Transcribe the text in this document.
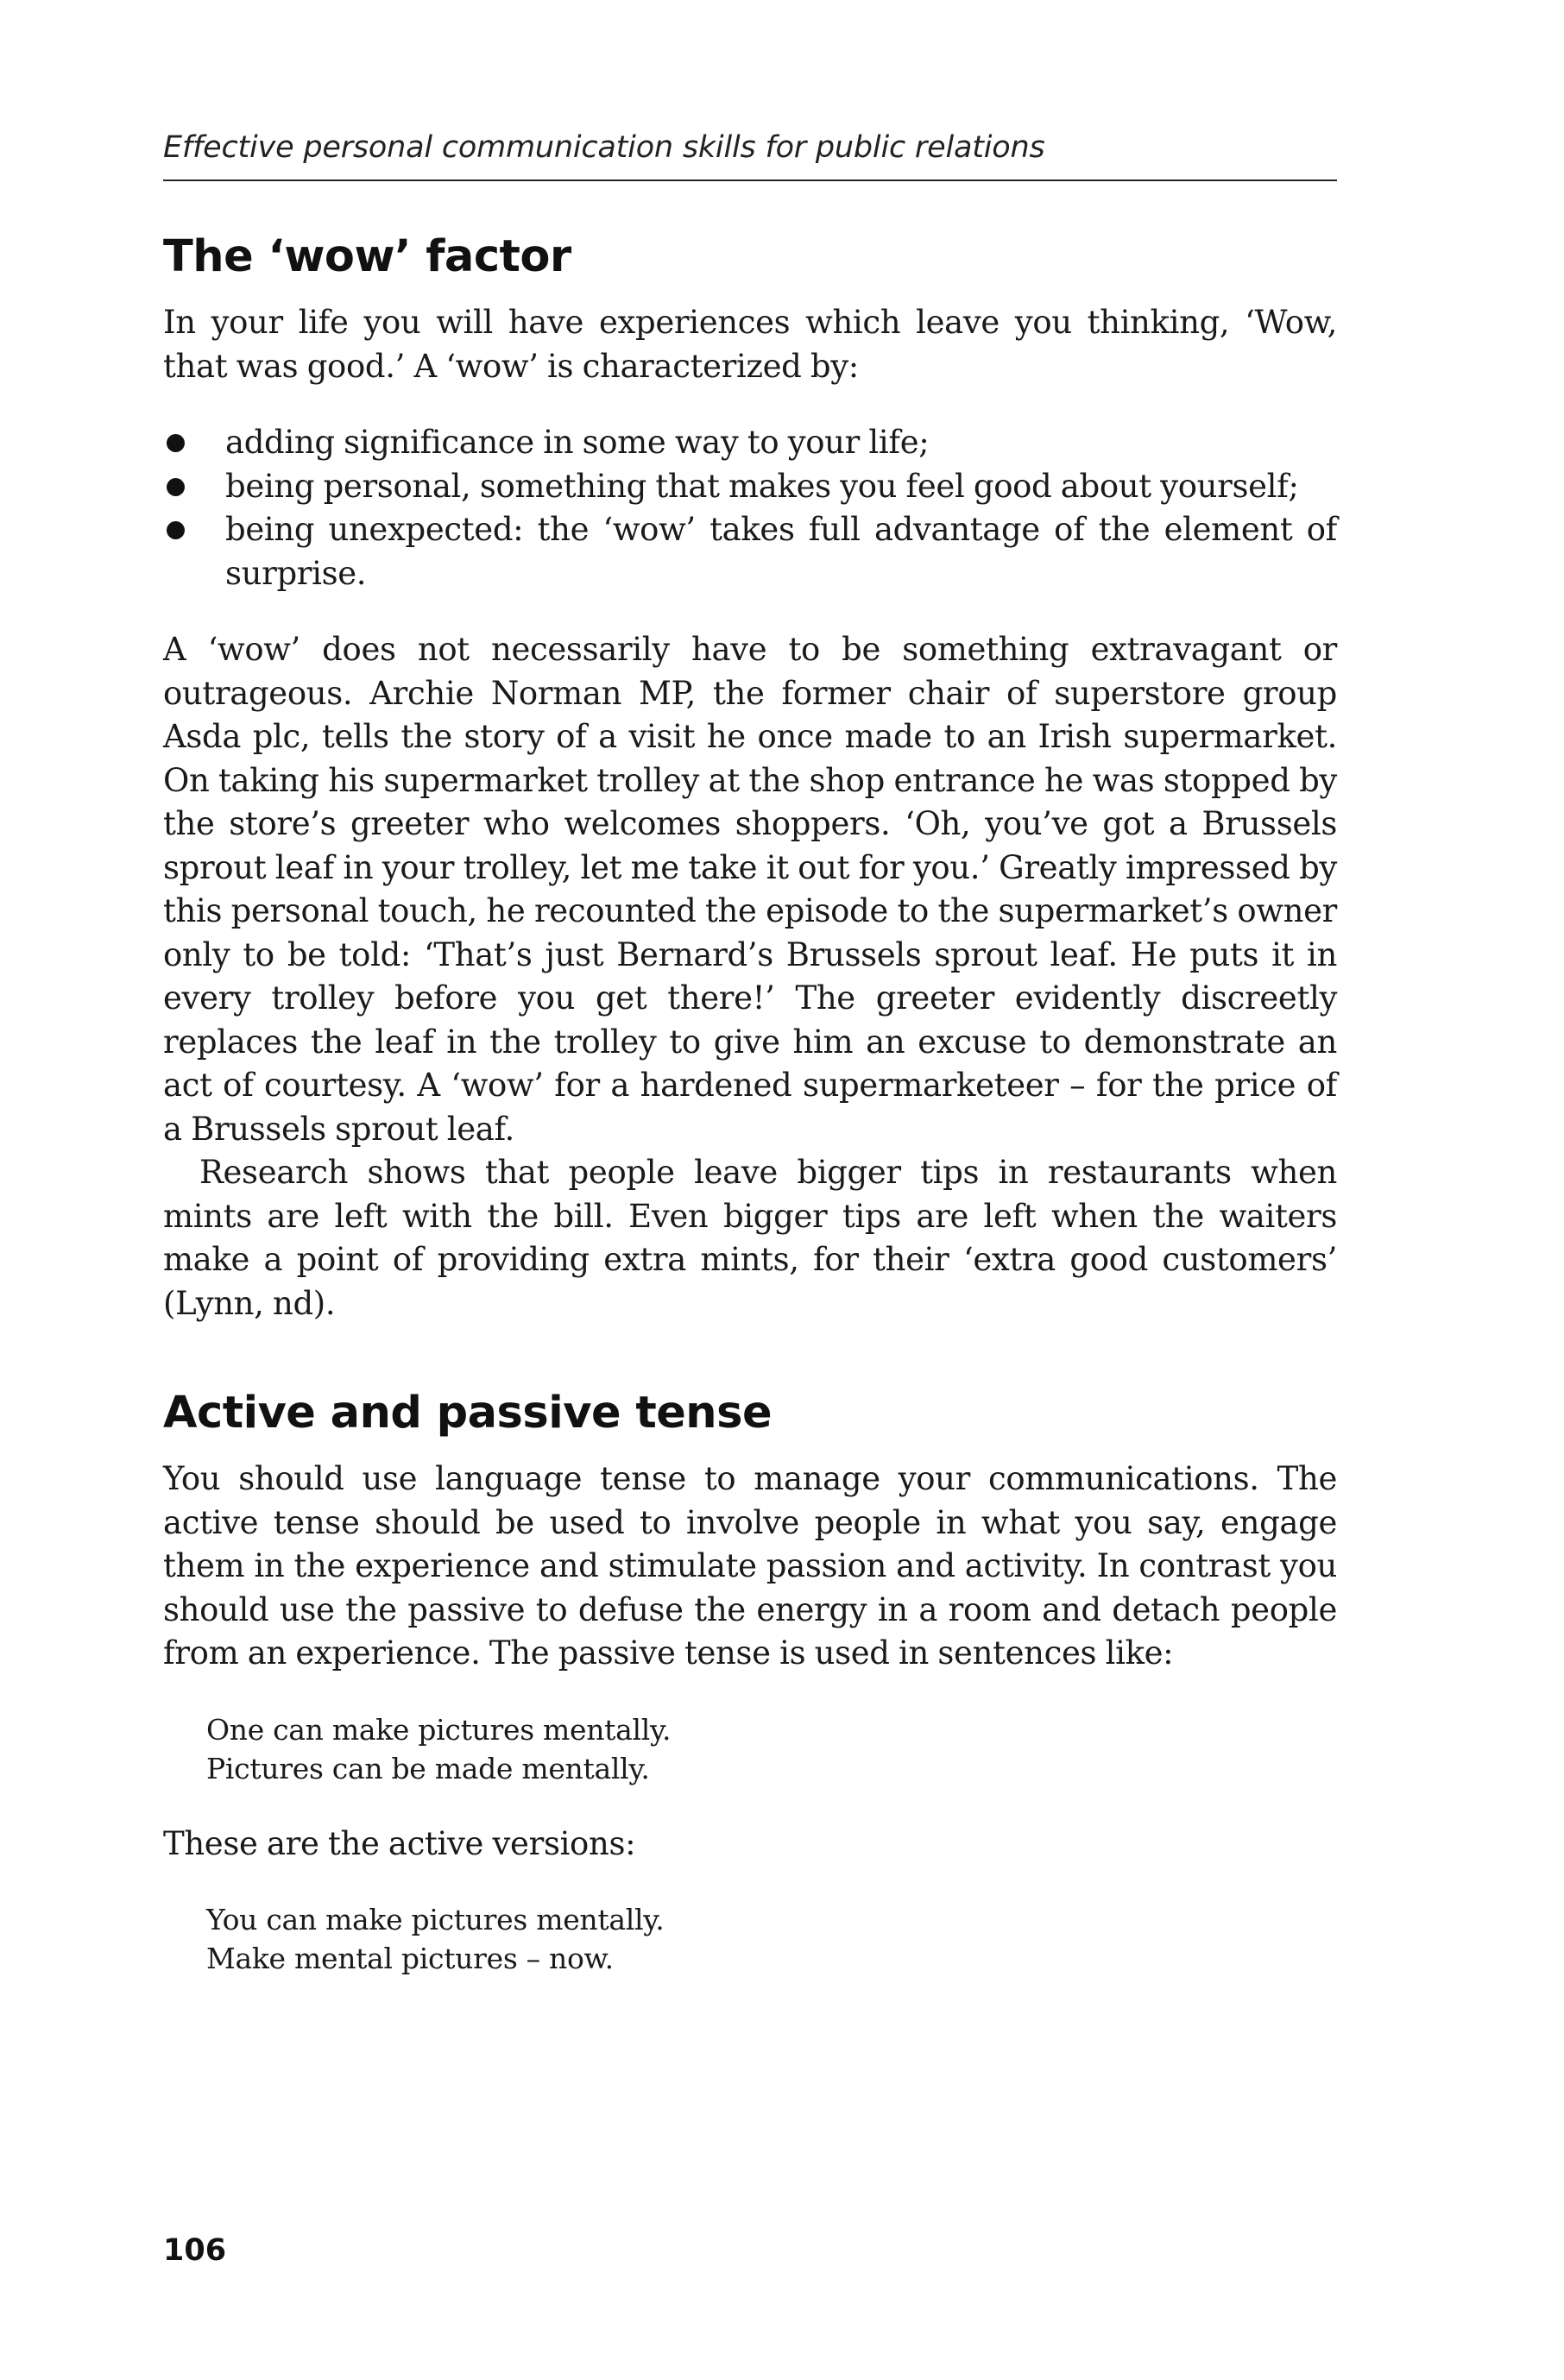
Effective personal communication skills for public relations
The ‘wow’ factor

In your life you will have experiences which leave you thinking, ‘Wow, that was good.’ A ‘wow’ is characterized by:

adding significance in some way to your life;
being personal, something that makes you feel good about yourself;
being unexpected: the ‘wow’ takes full advantage of the element of surprise.

A ‘wow’ does not necessarily have to be something extravagant or outrageous. Archie Norman MP, the former chair of superstore group Asda plc, tells the story of a visit he once made to an Irish supermarket. On taking his supermarket trolley at the shop entrance he was stopped by the store’s greeter who welcomes shoppers. ‘Oh, you’ve got a Brussels sprout leaf in your trolley, let me take it out for you.’ Greatly impressed by this personal touch, he recounted the episode to the supermarket’s owner only to be told: ‘That’s just Bernard’s Brussels sprout leaf. He puts it in every trolley before you get there!’ The greeter evidently discreetly replaces the leaf in the trolley to give him an excuse to demonstrate an act of courtesy. A ‘wow’ for a hardened supermarketeer – for the price of a Brussels sprout leaf.

Research shows that people leave bigger tips in restaurants when mints are left with the bill. Even bigger tips are left when the waiters make a point of providing extra mints, for their ‘extra good customers’ (Lynn, nd).

Active and passive tense

You should use language tense to manage your communications. The active tense should be used to involve people in what you say, engage them in the experience and stimulate passion and activity. In contrast you should use the passive to defuse the energy in a room and detach people from an experience. The passive tense is used in sentences like:

One can make pictures mentally.
Pictures can be made mentally.

These are the active versions:

You can make pictures mentally.
Make mental pictures – now.
106
